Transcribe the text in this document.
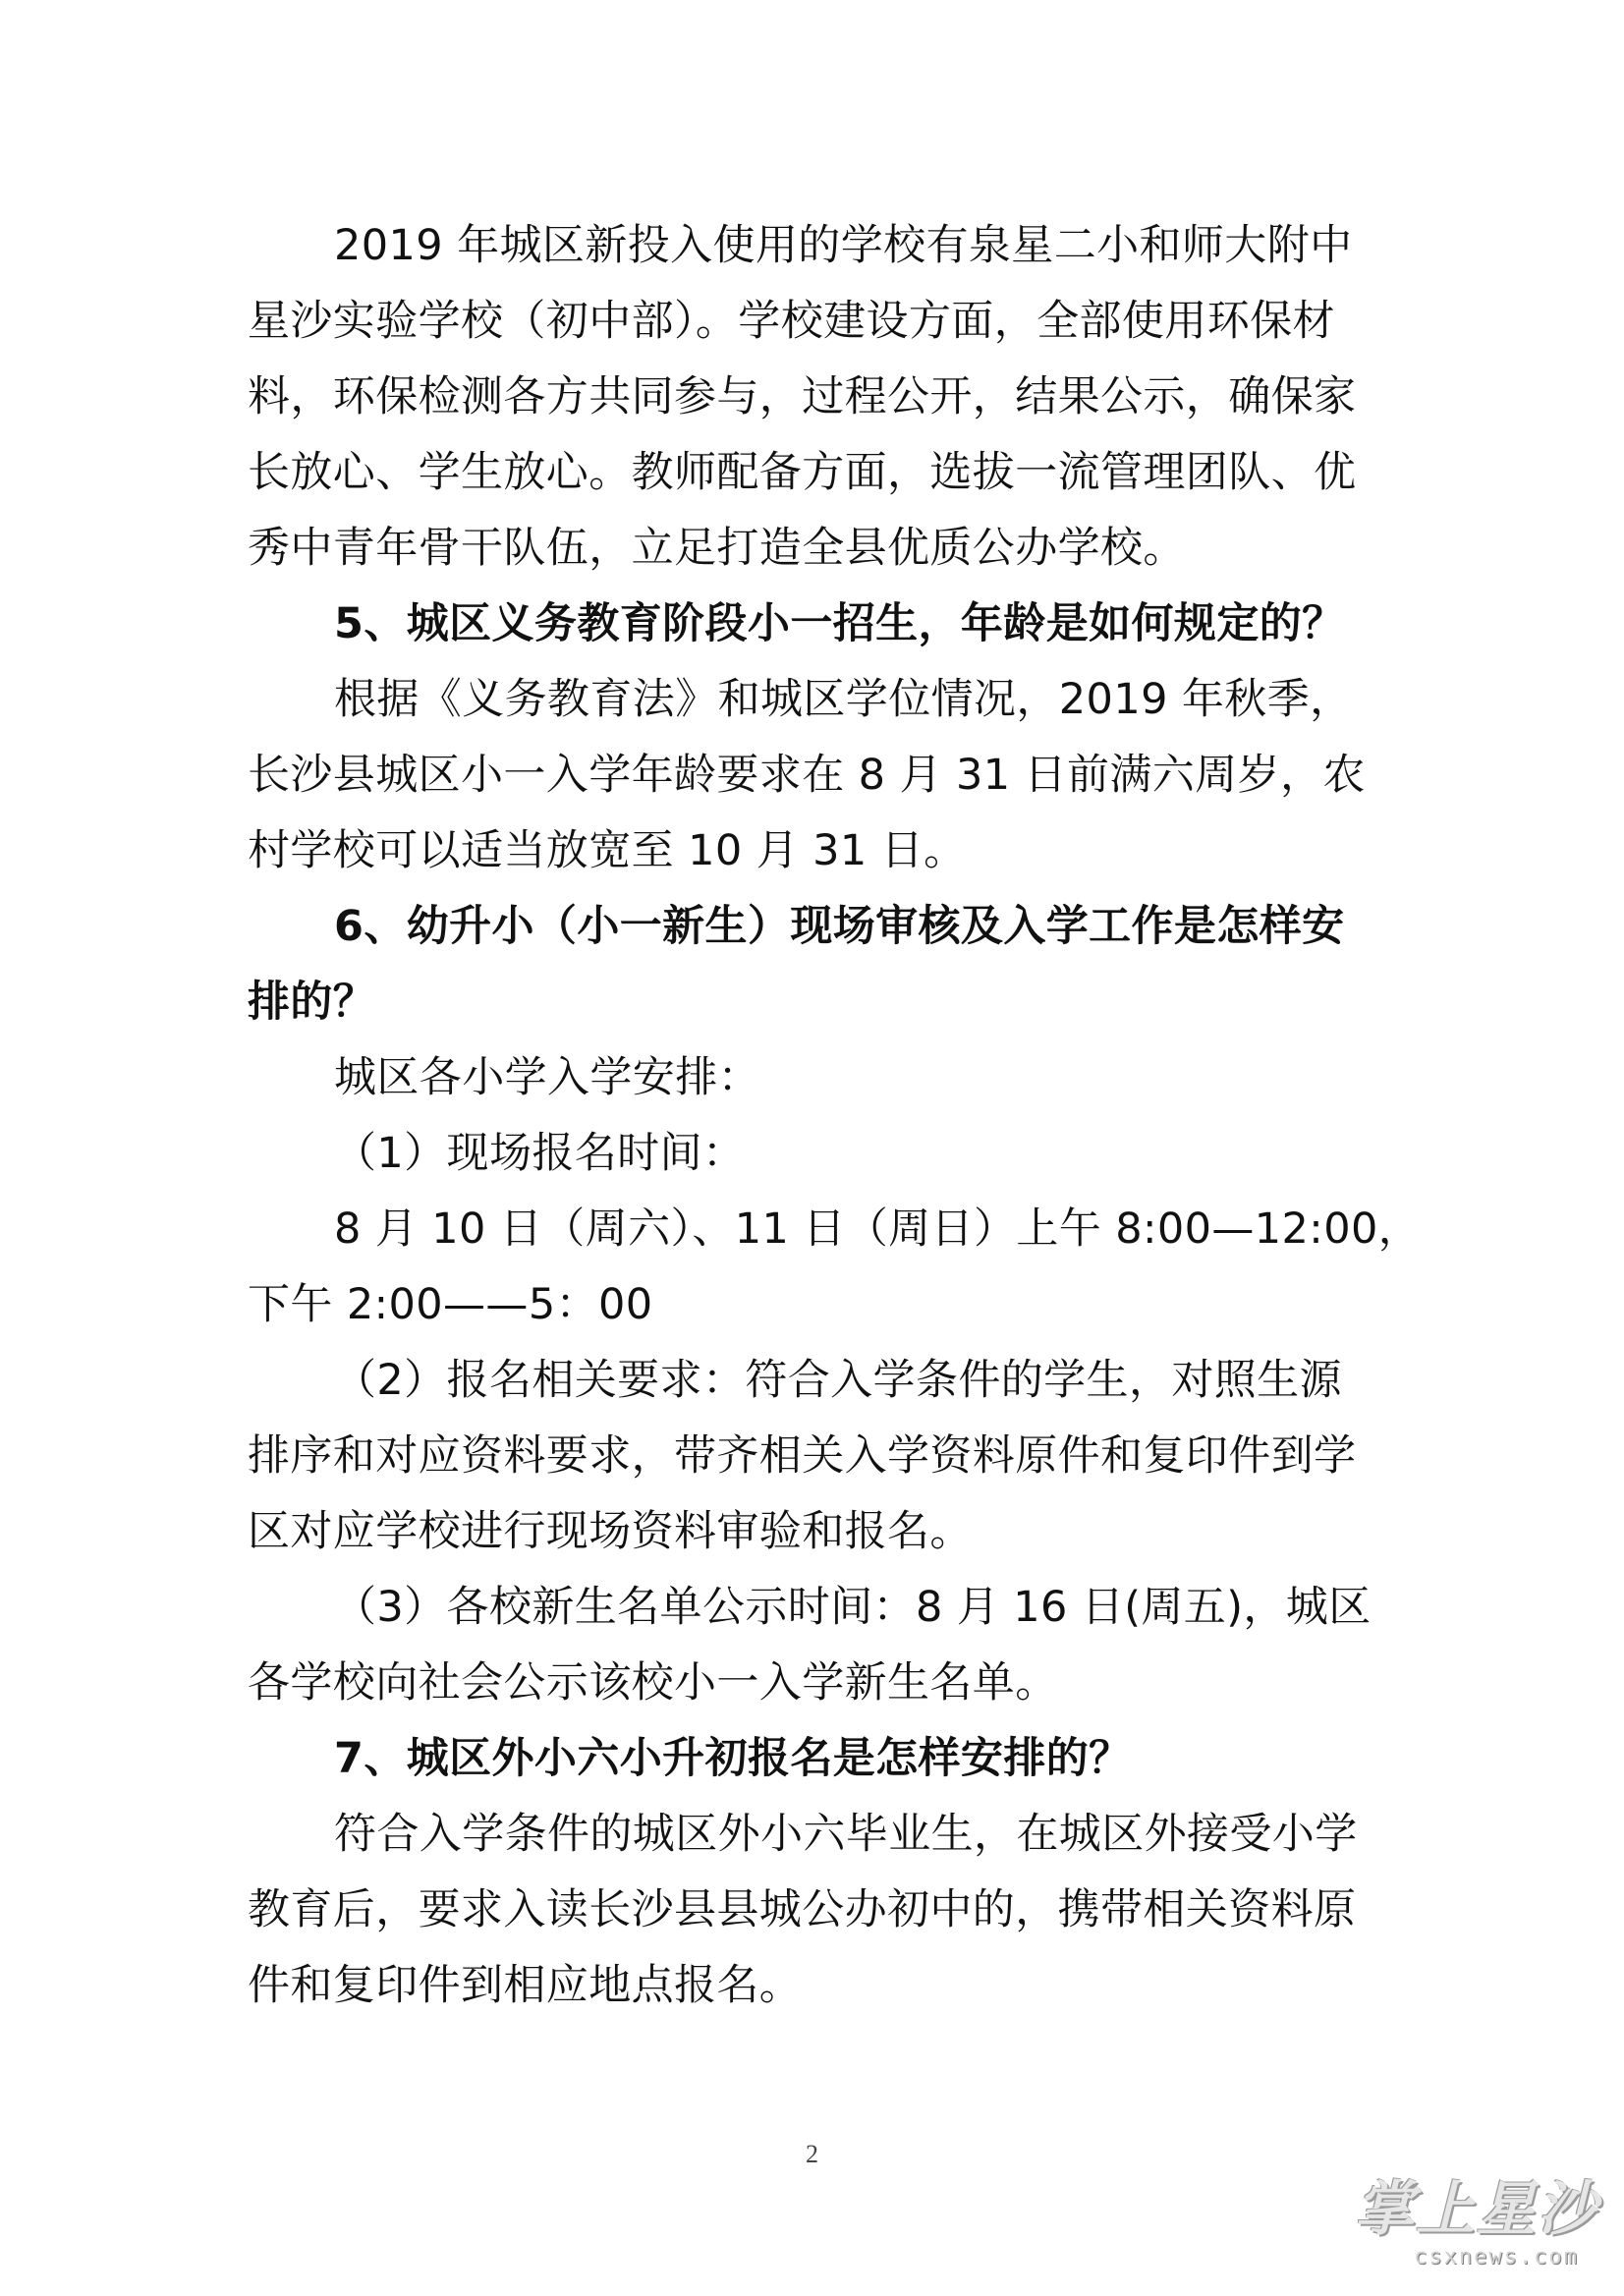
2019 年城区新投入使用的学校有泉星二小和师大附中
星沙实验学校（初中部）。学校建设方面，全部使用环保材
料，环保检测各方共同参与，过程公开，结果公示，确保家
长放心、学生放心。教师配备方面，选拔一流管理团队、优
秀中青年骨干队伍，立足打造全县优质公办学校。
5、城区义务教育阶段小一招生，年龄是如何规定的？
根据《义务教育法》和城区学位情况，2019 年秋季，
长沙县城区小一入学年龄要求在 8 月 31 日前满六周岁，农
村学校可以适当放宽至 10 月 31 日。
6、幼升小（小一新生）现场审核及入学工作是怎样安
排的？
城区各小学入学安排：
（1）现场报名时间：
8 月 10 日（周六）、11 日（周日）上午 8:00—12:00，
下午 2:00——5：00
（2）报名相关要求：符合入学条件的学生，对照生源
排序和对应资料要求，带齐相关入学资料原件和复印件到学
区对应学校进行现场资料审验和报名。
（3）各校新生名单公示时间：8 月 16 日(周五)，城区
各学校向社会公示该校小一入学新生名单。
7、城区外小六小升初报名是怎样安排的？
符合入学条件的城区外小六毕业生，在城区外接受小学
教育后，要求入读长沙县县城公办初中的，携带相关资料原
件和复印件到相应地点报名。
2
掌上星沙
csxnews.com
